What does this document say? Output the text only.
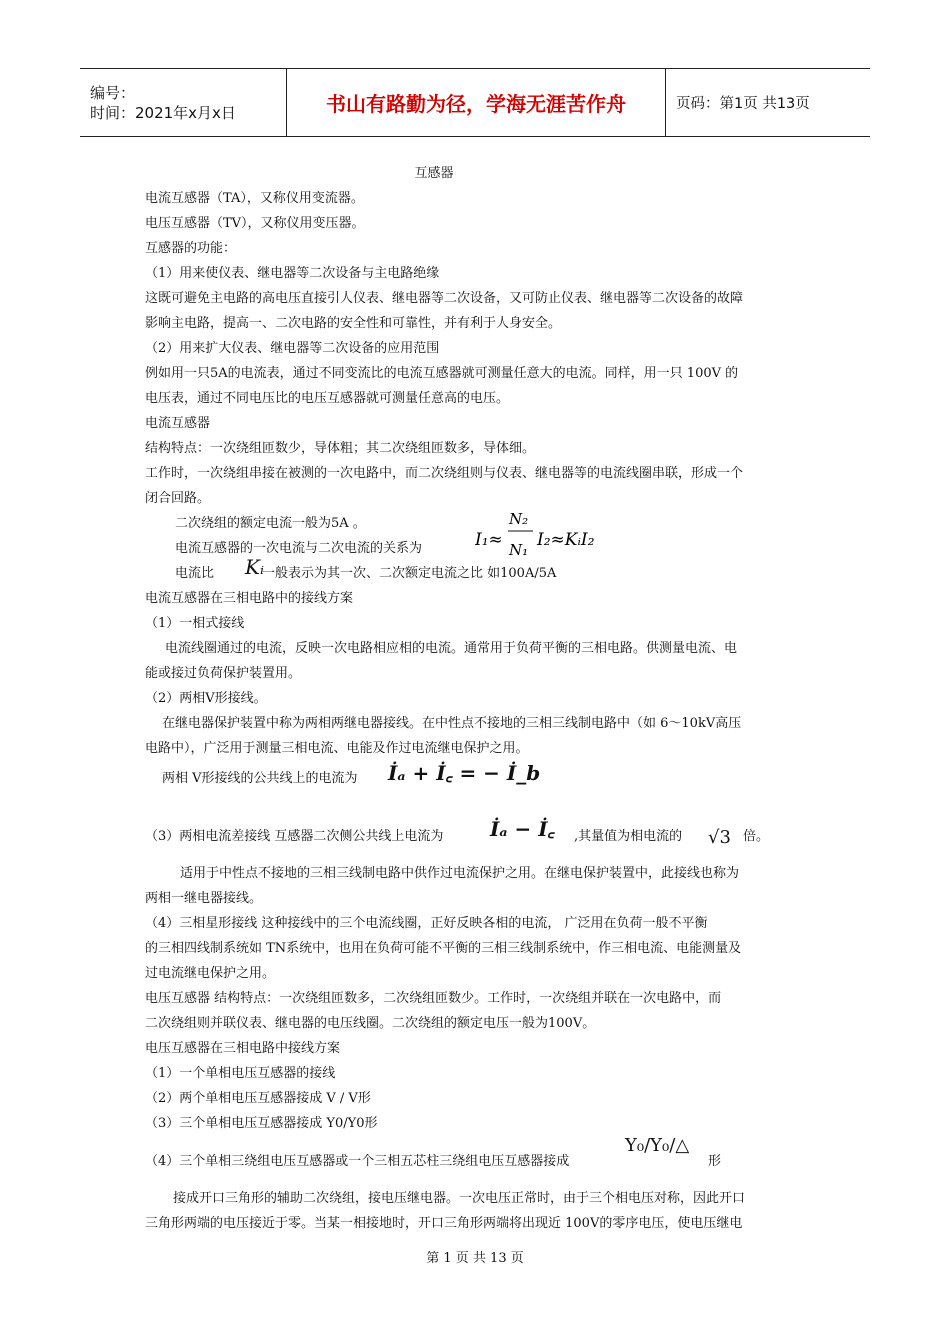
编号：
时间：2021年x月x日	书山有路勤为径，学海无涯苦作舟	页码：第1页 共13页
互感器
电流互感器（TA），又称仪用变流器。
电压互感器（TV），又称仪用变压器。
互感器的功能：
（1）用来使仪表、继电器等二次设备与主电路绝缘
这既可避免主电路的高电压直接引人仪表、继电器等二次设备，又可防止仪表、继电器等二次设备的故障
影响主电路，提高一、二次电路的安全性和可靠性，并有利于人身安全。
（2）用来扩大仪表、继电器等二次设备的应用范围
例如用一只5A的电流表，通过不同变流比的电流互感器就可测量任意大的电流。同样，用一只 100V 的
电压表，通过不同电压比的电压互感器就可测量任意高的电压。
电流互感器
结构特点：一次绕组匝数少，导体粗；其二次绕组匝数多，导体细。
工作时，一次绕组串接在被测的一次电路中，而二次绕组则与仪表、继电器等的电流线圈串联，形成一个
闭合回路。
二次绕组的额定电流一般为5A 。
电流互感器的一次电流与二次电流的关系为	I₁≈
N₂
N₁ I₂≈KᵢI₂
电流比 Kᵢ
一般表示为其一次、二次额定电流之比 如100A/5A
电流互感器在三相电路中的接线方案
（1）一相式接线
电流线圈通过的电流，反映一次电路相应相的电流。通常用于负荷平衡的三相电路。供测量电流、电
能或接过负荷保护装置用。
（2）两相V形接线。
在继电器保护装置中称为两相两继电器接线。在中性点不接地的三相三线制电路中（如 6～10kV高压
电路中），广泛用于测量三相电流、电能及作过电流继电保护之用。
两相 V形接线的公共线上的电流为 İₐ + İ꜀ = − İ_b
（3）两相电流差接线 互感器二次侧公共线上电流为 İₐ − İ꜀ ,其量值为相电流的 √3 倍。
适用于中性点不接地的三相三线制电路中供作过电流保护之用。在继电保护装置中，此接线也称为
两相一继电器接线。
（4）三相星形接线 这种接线中的三个电流线圈，正好反映各相的电流， 广泛用在负荷一般不平衡
的三相四线制系统如 TN系统中，也用在负荷可能不平衡的三相三线制系统中，作三相电流、电能测量及
过电流继电保护之用。
电压互感器 结构特点：一次绕组匝数多，二次绕组匝数少。工作时，一次绕组并联在一次电路中，而
二次绕组则并联仪表、继电器的电压线圈。二次绕组的额定电压一般为100V。
电压互感器在三相电路中接线方案
（1）一个单相电压互感器的接线
（2）两个单相电压互感器接成 V / V形
（3）三个单相电压互感器接成 Y0/Y0形
（4）三个单相三绕组电压互感器或一个三相五芯柱三绕组电压互感器接成
Y₀/Y₀/△
形
接成开口三角形的辅助二次绕组，接电压继电器。一次电压正常时，由于三个相电压对称，因此开口
三角形两端的电压接近于零。当某一相接地时，开口三角形两端将出现近 100V的零序电压，使电压继电
第 1 页 共 13 页
